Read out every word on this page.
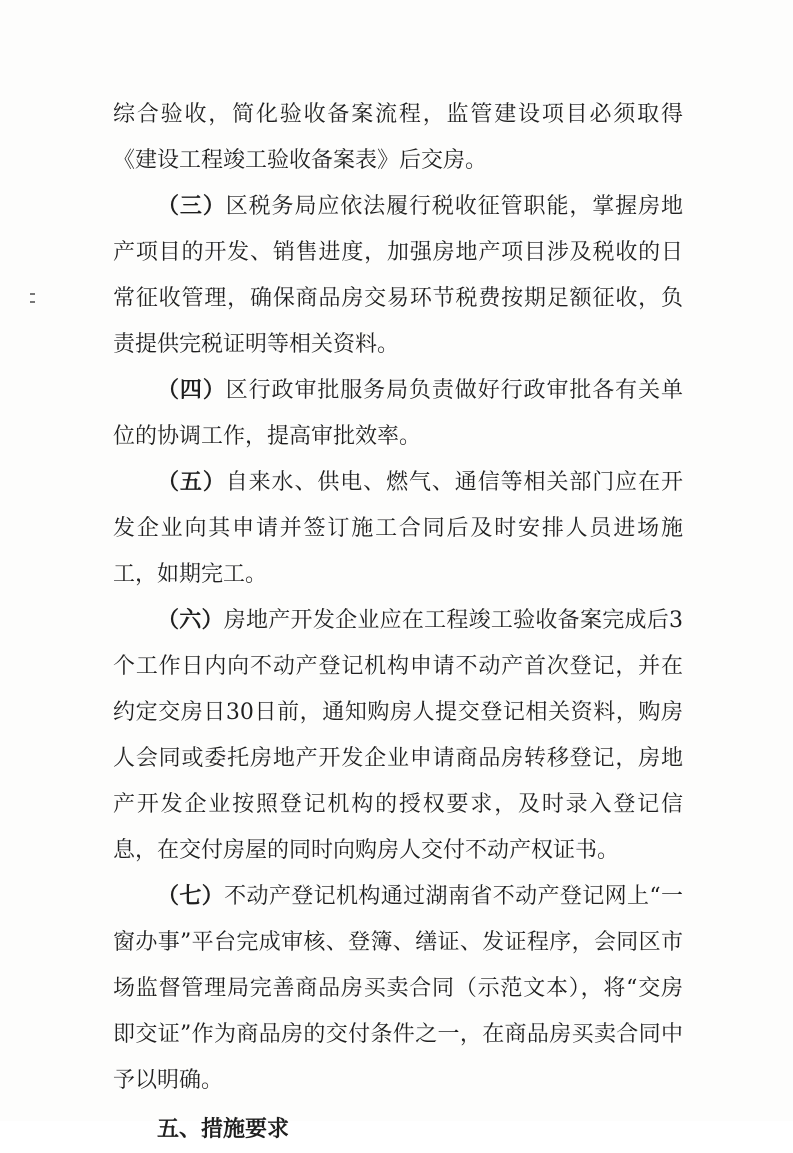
综合验收，简化验收备案流程，监管建设项目必须取得《建设工程竣工验收备案表》后交房。

（三）区税务局应依法履行税收征管职能，掌握房地产项目的开发、销售进度，加强房地产项目涉及税收的日常征收管理，确保商品房交易环节税费按期足额征收，负责提供完税证明等相关资料。

（四）区行政审批服务局负责做好行政审批各有关单位的协调工作，提高审批效率。

（五）自来水、供电、燃气、通信等相关部门应在开发企业向其申请并签订施工合同后及时安排人员进场施工，如期完工。

（六）房地产开发企业应在工程竣工验收备案完成后3个工作日内向不动产登记机构申请不动产首次登记，并在约定交房日30日前，通知购房人提交登记相关资料，购房人会同或委托房地产开发企业申请商品房转移登记，房地产开发企业按照登记机构的授权要求，及时录入登记信息，在交付房屋的同时向购房人交付不动产权证书。

（七）不动产登记机构通过湖南省不动产登记网上“一窗办事”平台完成审核、登簿、缮证、发证程序，会同区市场监督管理局完善商品房买卖合同（示范文本），将“交房即交证”作为商品房的交付条件之一，在商品房买卖合同中予以明确。

五、措施要求
